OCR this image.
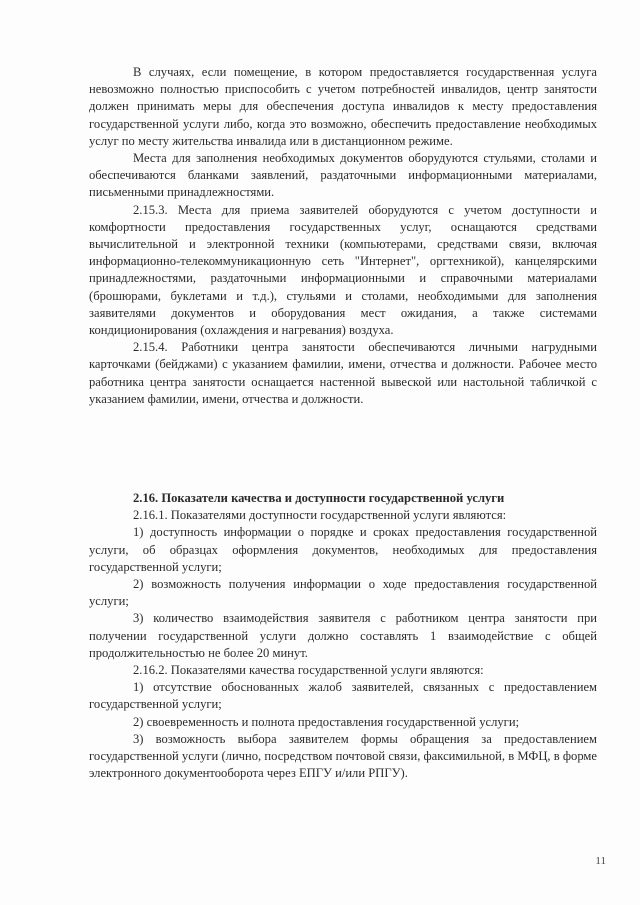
В случаях, если помещение, в котором предоставляется государственная услуга невозможно полностью приспособить с учетом потребностей инвалидов, центр занятости должен принимать меры для обеспечения доступа инвалидов к месту предоставления государственной услуги либо, когда это возможно, обеспечить предоставление необходимых услуг по месту жительства инвалида или в дистанционном режиме.

Места для заполнения необходимых документов оборудуются стульями, столами и обеспечиваются бланками заявлений, раздаточными информационными материалами, письменными принадлежностями.

2.15.3. Места для приема заявителей оборудуются с учетом доступности и комфортности предоставления государственных услуг, оснащаются средствами вычислительной и электронной техники (компьютерами, средствами связи, включая информационно-телекоммуникационную сеть "Интернет", оргтехникой), канцелярскими принадлежностями, раздаточными информационными и справочными материалами (брошюрами, буклетами и т.д.), стульями и столами, необходимыми для заполнения заявителями документов и оборудования мест ожидания, а также системами кондиционирования (охлаждения и нагревания) воздуха.

2.15.4. Работники центра занятости обеспечиваются личными нагрудными карточками (бейджами) с указанием фамилии, имени, отчества и должности. Рабочее место работника центра занятости оснащается настенной вывеской или настольной табличкой с указанием фамилии, имени, отчества и должности.

2.16. Показатели качества и доступности государственной услуги

2.16.1. Показателями доступности государственной услуги являются:

1) доступность информации о порядке и сроках предоставления государственной услуги, об образцах оформления документов, необходимых для предоставления государственной услуги;

2) возможность получения информации о ходе предоставления государственной услуги;

3) количество взаимодействия заявителя с работником центра занятости при получении государственной услуги должно составлять 1 взаимодействие с общей продолжительностью не более 20 минут.

2.16.2. Показателями качества государственной услуги являются:

1) отсутствие обоснованных жалоб заявителей, связанных с предоставлением государственной услуги;

2) своевременность и полнота предоставления государственной услуги;

3) возможность выбора заявителем формы обращения за предоставлением государственной услуги (лично, посредством почтовой связи, факсимильной, в МФЦ, в форме электронного документооборота через ЕПГУ и/или РПГУ).

11
